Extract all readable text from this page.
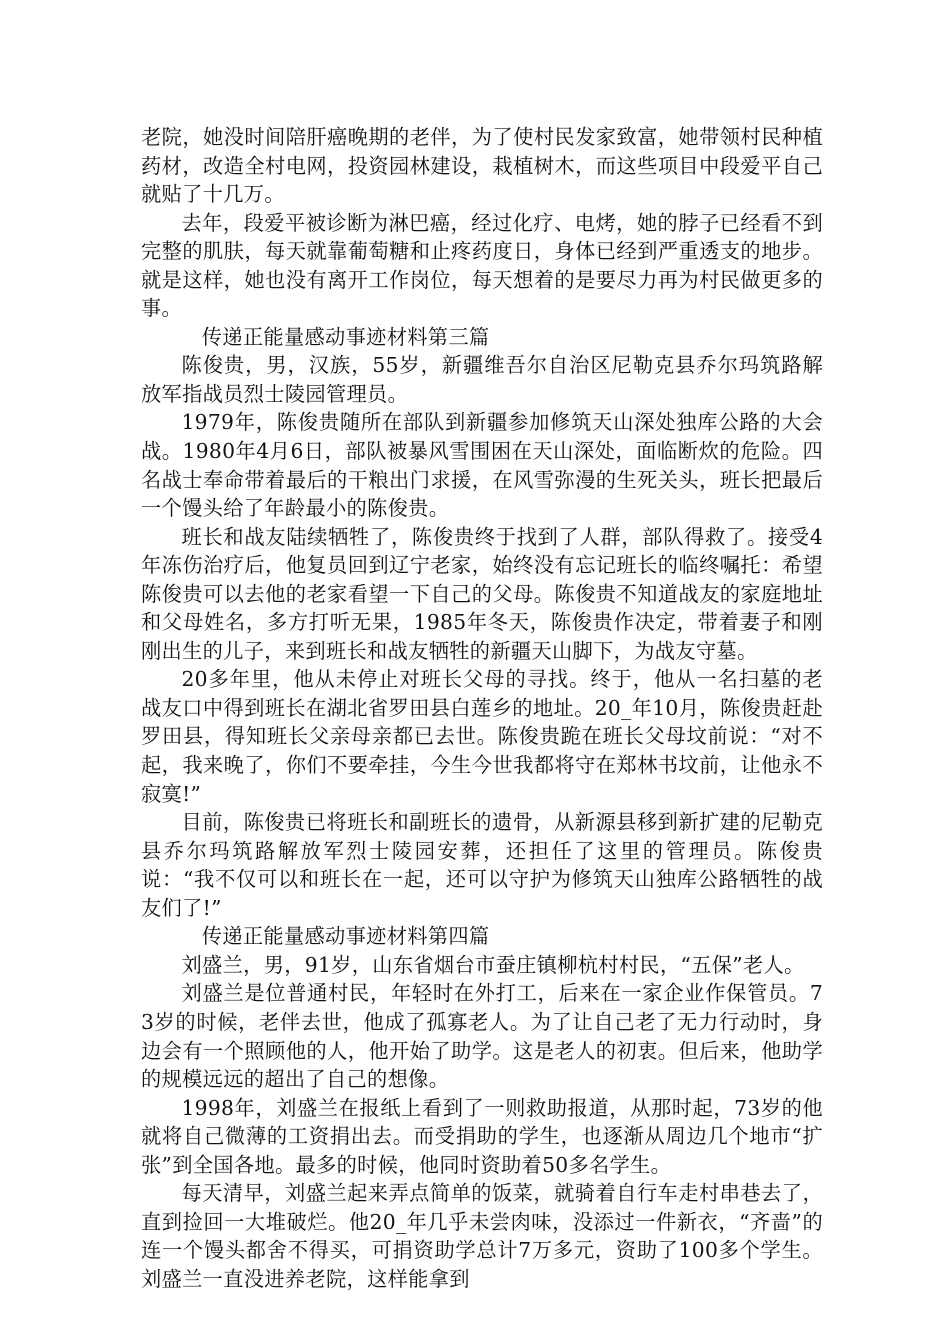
老院，她没时间陪肝癌晚期的老伴，为了使村民发家致富，她带领村民种植药材，改造全村电网，投资园林建设，栽植树木，而这些项目中段爱平自己就贴了十几万。

去年，段爱平被诊断为淋巴癌，经过化疗、电烤，她的脖子已经看不到完整的肌肤，每天就靠葡萄糖和止疼药度日，身体已经到严重透支的地步。就是这样，她也没有离开工作岗位，每天想着的是要尽力再为村民做更多的事。

传递正能量感动事迹材料第三篇

陈俊贵，男，汉族，55岁，新疆维吾尔自治区尼勒克县乔尔玛筑路解放军指战员烈士陵园管理员。

1979年，陈俊贵随所在部队到新疆参加修筑天山深处独库公路的大会战。1980年4月6日，部队被暴风雪围困在天山深处，面临断炊的危险。四名战士奉命带着最后的干粮出门求援，在风雪弥漫的生死关头，班长把最后一个馒头给了年龄最小的陈俊贵。

班长和战友陆续牺牲了，陈俊贵终于找到了人群，部队得救了。接受4年冻伤治疗后，他复员回到辽宁老家，始终没有忘记班长的临终嘱托：希望陈俊贵可以去他的老家看望一下自己的父母。陈俊贵不知道战友的家庭地址和父母姓名，多方打听无果，1985年冬天，陈俊贵作决定，带着妻子和刚刚出生的儿子，来到班长和战友牺牲的新疆天山脚下，为战友守墓。

20多年里，他从未停止对班长父母的寻找。终于，他从一名扫墓的老战友口中得到班长在湖北省罗田县白莲乡的地址。20_年10月，陈俊贵赶赴罗田县，得知班长父亲母亲都已去世。陈俊贵跪在班长父母坟前说：“对不起，我来晚了，你们不要牵挂，今生今世我都将守在郑林书坟前，让他永不寂寞!”

目前，陈俊贵已将班长和副班长的遗骨，从新源县移到新扩建的尼勒克县乔尔玛筑路解放军烈士陵园安葬，还担任了这里的管理员。陈俊贵说：“我不仅可以和班长在一起，还可以守护为修筑天山独库公路牺牲的战友们了!”

传递正能量感动事迹材料第四篇

刘盛兰，男，91岁，山东省烟台市蚕庄镇柳杭村村民，“五保”老人。

刘盛兰是位普通村民，年轻时在外打工，后来在一家企业作保管员。73岁的时候，老伴去世，他成了孤寡老人。为了让自己老了无力行动时，身边会有一个照顾他的人，他开始了助学。这是老人的初衷。但后来，他助学的规模远远的超出了自己的想像。

1998年，刘盛兰在报纸上看到了一则救助报道，从那时起，73岁的他就将自己微薄的工资捐出去。而受捐助的学生，也逐渐从周边几个地市“扩张”到全国各地。最多的时候，他同时资助着50多名学生。

每天清早，刘盛兰起来弄点简单的饭菜，就骑着自行车走村串巷去了，直到捡回一大堆破烂。他20_年几乎未尝肉味，没添过一件新衣，“齐啬”的连一个馒头都舍不得买，可捐资助学总计7万多元，资助了100多个学生。刘盛兰一直没进养老院，这样能拿到
